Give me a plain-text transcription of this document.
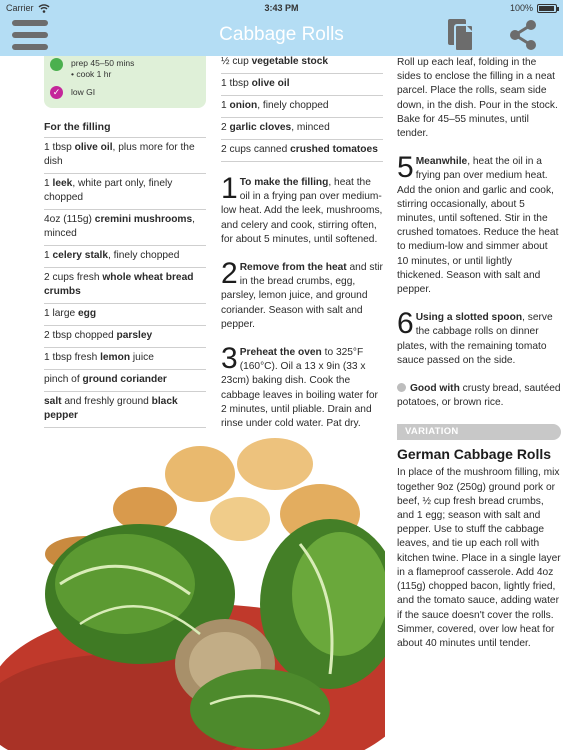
Carrier	3:43 PM	100%
Cabbage Rolls
prep 45–50 mins
• cook 1 hr
✓	low GI
For the filling
1 tbsp olive oil, plus more for the dish
1 leek, white part only, finely chopped
4oz (115g) cremini mushrooms, minced
1 celery stalk, finely chopped
2 cups fresh whole wheat bread crumbs
1 large egg
2 tbsp chopped parsley
1 tbsp fresh lemon juice
pinch of ground coriander
salt and freshly ground black pepper
½ cup vegetable stock
1 tbsp olive oil
1 onion, finely chopped
2 garlic cloves, minced
2 cups canned crushed tomatoes
1 To make the filling, heat the oil in a frying pan over medium-low heat. Add the leek, mushrooms, and celery and cook, stirring often, for about 5 minutes, until softened.
2 Remove from the heat and stir in the bread crumbs, egg, parsley, lemon juice, and ground coriander. Season with salt and pepper.
3 Preheat the oven to 325°F (160°C). Oil a 13 x 9in (33 x 23cm) baking dish. Cook the cabbage leaves in boiling water for 2 minutes, until pliable. Drain and rinse under cold water. Pat dry.
Roll up each leaf, folding in the sides to enclose the filling in a neat parcel. Place the rolls, seam side down, in the dish. Pour in the stock. Bake for 45–55 minutes, until tender.
5 Meanwhile, heat the oil in a frying pan over medium heat. Add the onion and garlic and cook, stirring occasionally, about 5 minutes, until softened. Stir in the crushed tomatoes. Reduce the heat to medium-low and simmer about 10 minutes, or until lightly thickened. Season with salt and pepper.
6 Using a slotted spoon, serve the cabbage rolls on dinner plates, with the remaining tomato sauce passed on the side.
Good with crusty bread, sautéed potatoes, or brown rice.
VARIATION
German Cabbage Rolls
In place of the mushroom filling, mix together 9oz (250g) ground pork or beef, ½ cup fresh bread crumbs, and 1 egg; season with salt and pepper. Use to stuff the cabbage leaves, and tie up each roll with kitchen twine. Place in a single layer in a flameproof casserole. Add 4oz (115g) chopped bacon, lightly fried, and the tomato sauce, adding water if the sauce doesn't cover the rolls. Simmer, covered, over low heat for about 40 minutes until tender.
